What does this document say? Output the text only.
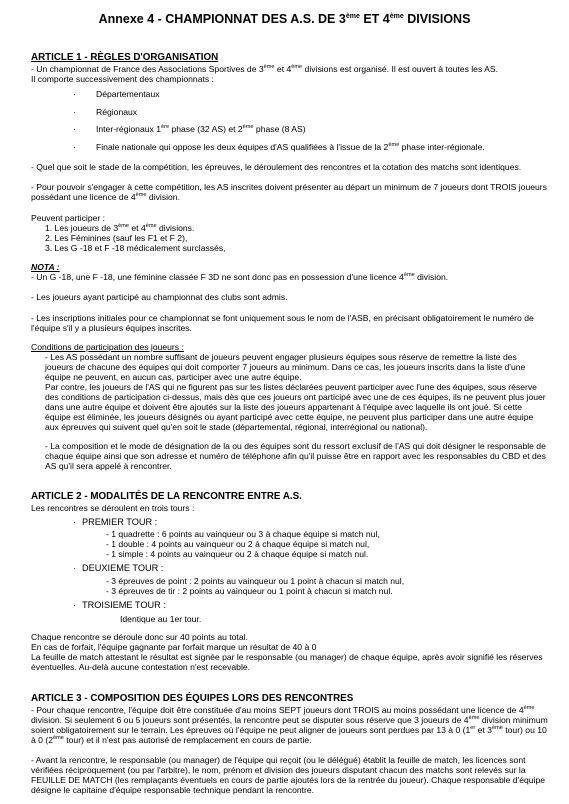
Annexe 4 - CHAMPIONNAT DES A.S. DE 3ème ET 4ème DIVISIONS
ARTICLE 1 - RÈGLES D'ORGANISATION
- Un championnat de France des Associations Sportives de 3ème et 4ème divisions est organisé. Il est ouvert à toutes les AS.
Il comporte successivement des championnats :
· Départementaux
· Régionaux
· Inter-régionaux 1ère phase (32 AS) et 2ème phase (8 AS)
· Finale nationale qui oppose les deux équipes d'AS qualifiées à l'issue de la 2ème phase inter-régionale.
- Quel que soit le stade de la compétition, les épreuves, le déroulement des rencontres et la cotation des matchs sont identiques.
- Pour pouvoir s'engager à cette compétition, les AS inscrites doivent présenter au départ un minimum de 7 joueurs dont TROIS joueurs
possédant une licence de 4ème division.
Peuvent participer :
1. Les joueurs de 3ème et 4ème divisions.
2. Les Féminines (sauf les F1 et F 2),
3. Les G -18 et F -18 médicalement surclassés,
NOTA :
- Un G -18, une F -18, une féminine classée F 3D ne sont donc pas en possession d'une licence 4ème division.
- Les joueurs ayant participé au championnat des clubs sont admis.
- Les inscriptions initiales pour ce championnat se font uniquement sous le nom de l'ASB, en précisant obligatoirement le numéro de
l'équipe s'il y a plusieurs équipes inscrites.
Conditions de participation des joueurs :
- Les AS possédant un nombre suffisant de joueurs peuvent engager plusieurs équipes sous réserve de remettre la liste des
joueurs de chacune des équipes qui doit comporter 7 joueurs au minimum. Dans ce cas, les joueurs inscrits dans la liste d'une
équipe ne peuvent, en aucun cas, participer avec une autre équipe.
Par contre, les joueurs de l'AS qui ne figurent pas sur les listes déclarées peuvent participer avec l'une des équipes, sous réserve
des conditions de participation ci-dessus, mais dès que ces joueurs ont participé avec une de ces équipes, ils ne peuvent plus jouer
dans une autre équipe et doivent être ajoutés sur la liste des joueurs appartenant à l'équipe avec laquelle ils ont joué. Si cette
équipe est éliminée, les joueurs désignés ou ayant participé avec cette équipe, ne peuvent plus participer dans une autre équipe
aux épreuves qui suivent quel qu'en soit le stade (départemental, régional, interrégional ou national).
- La composition et le mode de désignation de la ou des équipes sont du ressort exclusif de l'AS qui doit désigner le responsable de
chaque équipe ainsi que son adresse et numéro de téléphone afin qu'il puisse être en rapport avec les responsables du CBD et des
AS qu'il sera appelé à rencontrer.
ARTICLE 2 - MODALITÉS DE LA RENCONTRE ENTRE A.S.
Les rencontres se déroulent en trois tours :
· PREMIER TOUR :
- 1 quadrette : 6 points au vainqueur ou 3 à chaque équipe si match nul,
- 1 double : 4 points au vainqueur ou 2 à chaque équipe si match nul,
- 1 simple : 4 points au vainqueur ou 2 à chaque équipe si match nul.
· DEUXIEME TOUR :
- 3 épreuves de point : 2 points au vainqueur ou 1 point à chacun si match nul,
- 3 épreuves de tir : 2 points au vainqueur ou 1 point à chacun si match nul.
· TROISIEME TOUR :
Identique au 1er tour.
Chaque rencontre se déroule donc sur 40 points au total.
En cas de forfait, l'équipe gagnante par forfait marque un résultat de 40 à 0
La feuille de match attestant le résultat est signée par le responsable (ou manager) de chaque équipe, après avoir signifié les réserves
éventuelles. Au-delà aucune contestation n'est recevable.
ARTICLE 3 - COMPOSITION DES ÉQUIPES LORS DES RENCONTRES
- Pour chaque rencontre, l'équipe doit être constituée d'au moins SEPT joueurs dont TROIS au moins possédant une licence de 4ème
division. Si seulement 6 ou 5 joueurs sont présentés, la rencontre peut se disputer sous réserve que 3 joueurs de 4ème division minimum
soient obligatoirement sur le terrain. Les épreuves où l'équipe ne peut aligner de joueurs sont perdues par 13 à 0 (1er et 3ème tour) ou 10
à 0 (2ème tour) et il n'est pas autorisé de remplacement en cours de partie.
- Avant la rencontre, le responsable (ou manager) de l'équipe qui reçoit (ou le délégué) établit la feuille de match, les licences sont
vérifiées réciproquement (ou par l'arbitre), le nom, prénom et division des joueurs disputant chacun des matchs sont relevés sur la
FEUILLE DE MATCH (les remplaçants éventuels en cours de partie ajoutés lors de la rentrée du joueur). Chaque responsable d'équipe
désigne le capitaine d'équipe responsable technique pendant la rencontre.
